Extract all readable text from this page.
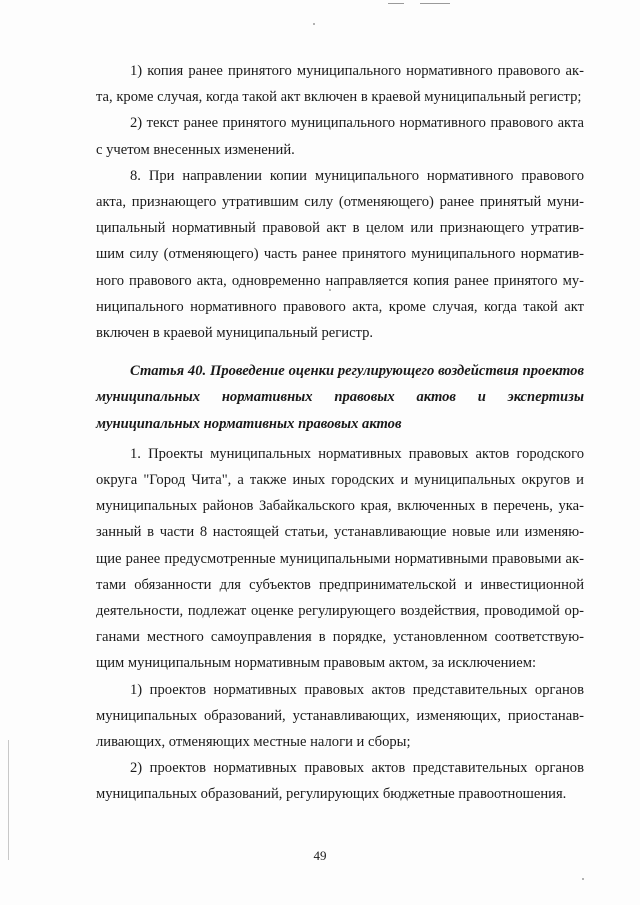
1) копия ранее принятого муниципального нормативного правового акта, кроме случая, когда такой акт включен в краевой муниципальный регистр;

2) текст ранее принятого муниципального нормативного правового акта с учетом внесенных изменений.

8. При направлении копии муниципального нормативного правового акта, признающего утратившим силу (отменяющего) ранее принятый муниципальный нормативный правовой акт в целом или признающего утратившим силу (отменяющего) часть ранее принятого муниципального нормативного правового акта, одновременно направляется копия ранее принятого муниципального нормативного правового акта, кроме случая, когда такой акт включен в краевой муниципальный регистр.

Статья 40. Проведение оценки регулирующего воздействия проектов муниципальных нормативных правовых актов и экспертизы муниципальных нормативных правовых актов

1. Проекты муниципальных нормативных правовых актов городского округа "Город Чита", а также иных городских и муниципальных округов и муниципальных районов Забайкальского края, включенных в перечень, указанный в части 8 настоящей статьи, устанавливающие новые или изменяющие ранее предусмотренные муниципальными нормативными правовыми актами обязанности для субъектов предпринимательской и инвестиционной деятельности, подлежат оценке регулирующего воздействия, проводимой органами местного самоуправления в порядке, установленном соответствующим муниципальным нормативным правовым актом, за исключением:

1) проектов нормативных правовых актов представительных органов муниципальных образований, устанавливающих, изменяющих, приостанавливающих, отменяющих местные налоги и сборы;

2) проектов нормативных правовых актов представительных органов муниципальных образований, регулирующих бюджетные правоотношения.

49
